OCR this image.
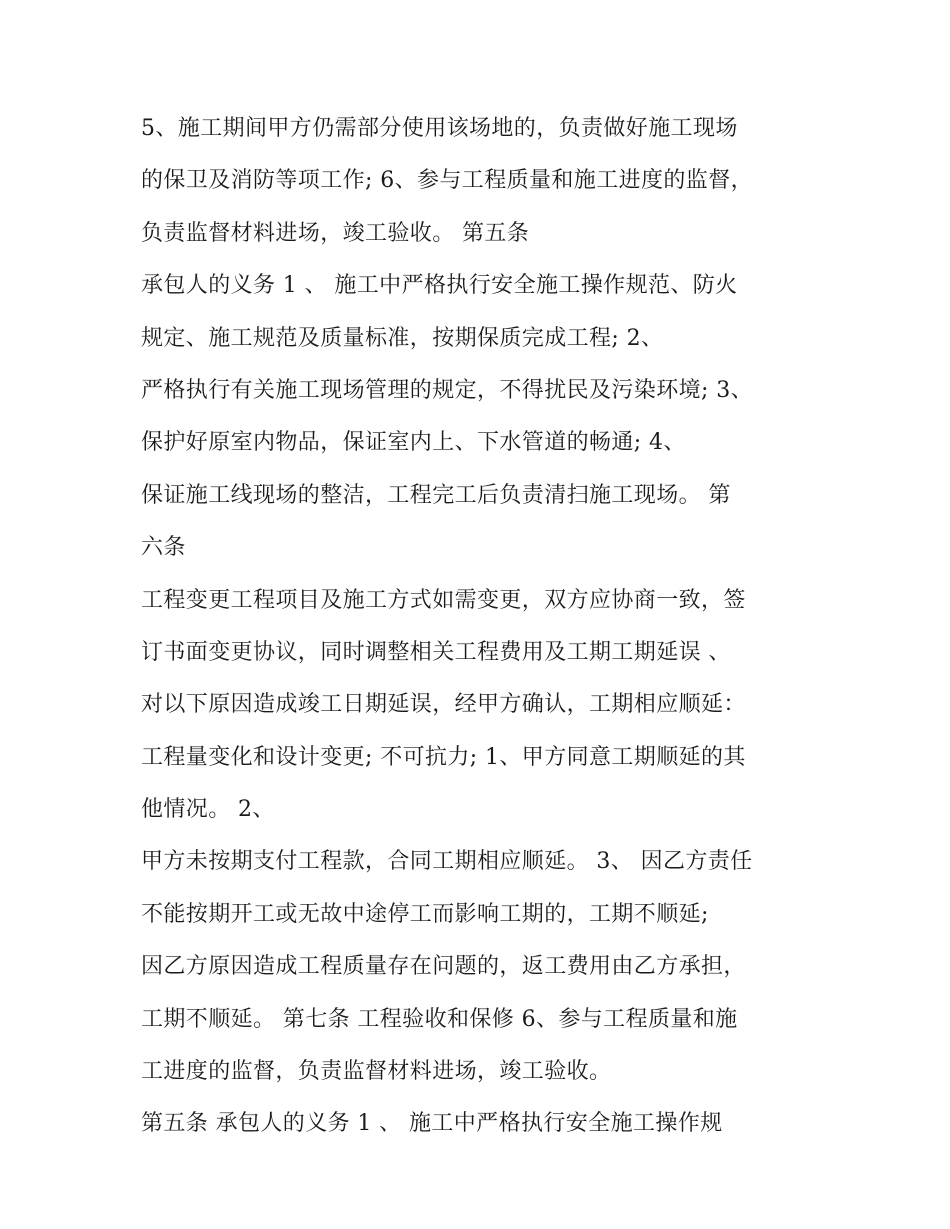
5、施工期间甲方仍需部分使用该场地的，负责做好施工现场
的保卫及消防等项工作; 6、参与工程质量和施工进度的监督，
负责监督材料进场，竣工验收。 第五条
承包人的义务 1 、 施工中严格执行安全施工操作规范、防火
规定、施工规范及质量标准，按期保质完成工程; 2、
严格执行有关施工现场管理的规定，不得扰民及污染环境; 3、
保护好原室内物品，保证室内上、下水管道的畅通; 4、
保证施工线现场的整洁，工程完工后负责清扫施工现场。 第
六条
工程变更工程项目及施工方式如需变更，双方应协商一致，签
订书面变更协议，同时调整相关工程费用及工期工期延误 、
对以下原因造成竣工日期延误，经甲方确认，工期相应顺延：
工程量变化和设计变更; 不可抗力; 1、甲方同意工期顺延的其
他情况。 2、
甲方未按期支付工程款，合同工期相应顺延。 3、 因乙方责任
不能按期开工或无故中途停工而影响工期的，工期不顺延;
因乙方原因造成工程质量存在问题的，返工费用由乙方承担，
工期不顺延。 第七条 工程验收和保修 6、参与工程质量和施
工进度的监督，负责监督材料进场，竣工验收。
第五条 承包人的义务 1 、 施工中严格执行安全施工操作规
